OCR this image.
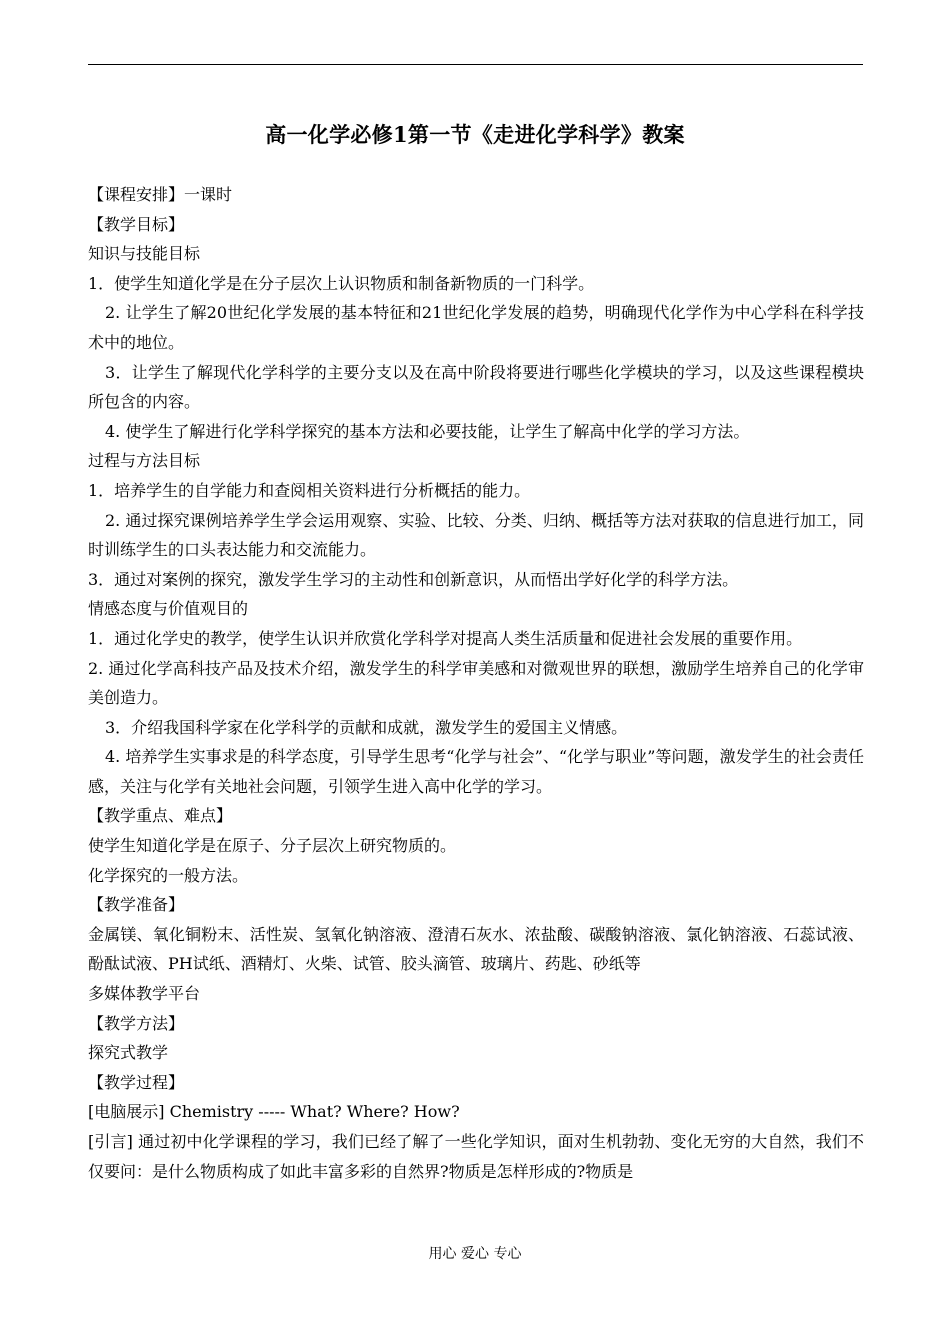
高一化学必修1第一节《走进化学科学》教案

【课程安排】一课时

【教学目标】

知识与技能目标

1．使学生知道化学是在分子层次上认识物质和制备新物质的一门科学。

2. 让学生了解20世纪化学发展的基本特征和21世纪化学发展的趋势，明确现代化学作为中心学科在科学技术中的地位。

3．让学生了解现代化学科学的主要分支以及在高中阶段将要进行哪些化学模块的学习，以及这些课程模块所包含的内容。

4. 使学生了解进行化学科学探究的基本方法和必要技能，让学生了解高中化学的学习方法。

过程与方法目标

1．培养学生的自学能力和查阅相关资料进行分析概括的能力。

2. 通过探究课例培养学生学会运用观察、实验、比较、分类、归纳、概括等方法对获取的信息进行加工，同时训练学生的口头表达能力和交流能力。

3．通过对案例的探究，激发学生学习的主动性和创新意识，从而悟出学好化学的科学方法。

情感态度与价值观目的

1．通过化学史的教学，使学生认识并欣赏化学科学对提高人类生活质量和促进社会发展的重要作用。

2. 通过化学高科技产品及技术介绍，激发学生的科学审美感和对微观世界的联想，激励学生培养自己的化学审美创造力。

3．介绍我国科学家在化学科学的贡献和成就，激发学生的爱国主义情感。

4. 培养学生实事求是的科学态度，引导学生思考“化学与社会”、“化学与职业”等问题，激发学生的社会责任感，关注与化学有关地社会问题，引领学生进入高中化学的学习。

【教学重点、难点】

使学生知道化学是在原子、分子层次上研究物质的。

化学探究的一般方法。

【教学准备】

金属镁、氧化铜粉末、活性炭、氢氧化钠溶液、澄清石灰水、浓盐酸、碳酸钠溶液、氯化钠溶液、石蕊试液、酚酞试液、PH试纸、酒精灯、火柴、试管、胶头滴管、玻璃片、药匙、砂纸等

多媒体教学平台

【教学方法】

探究式教学

【教学过程】

[电脑展示] Chemistry ----- What? Where? How?

[引言] 通过初中化学课程的学习，我们已经了解了一些化学知识，面对生机勃勃、变化无穷的大自然，我们不仅要问：是什么物质构成了如此丰富多彩的自然界?物质是怎样形成的?物质是

用心 爱心 专心
